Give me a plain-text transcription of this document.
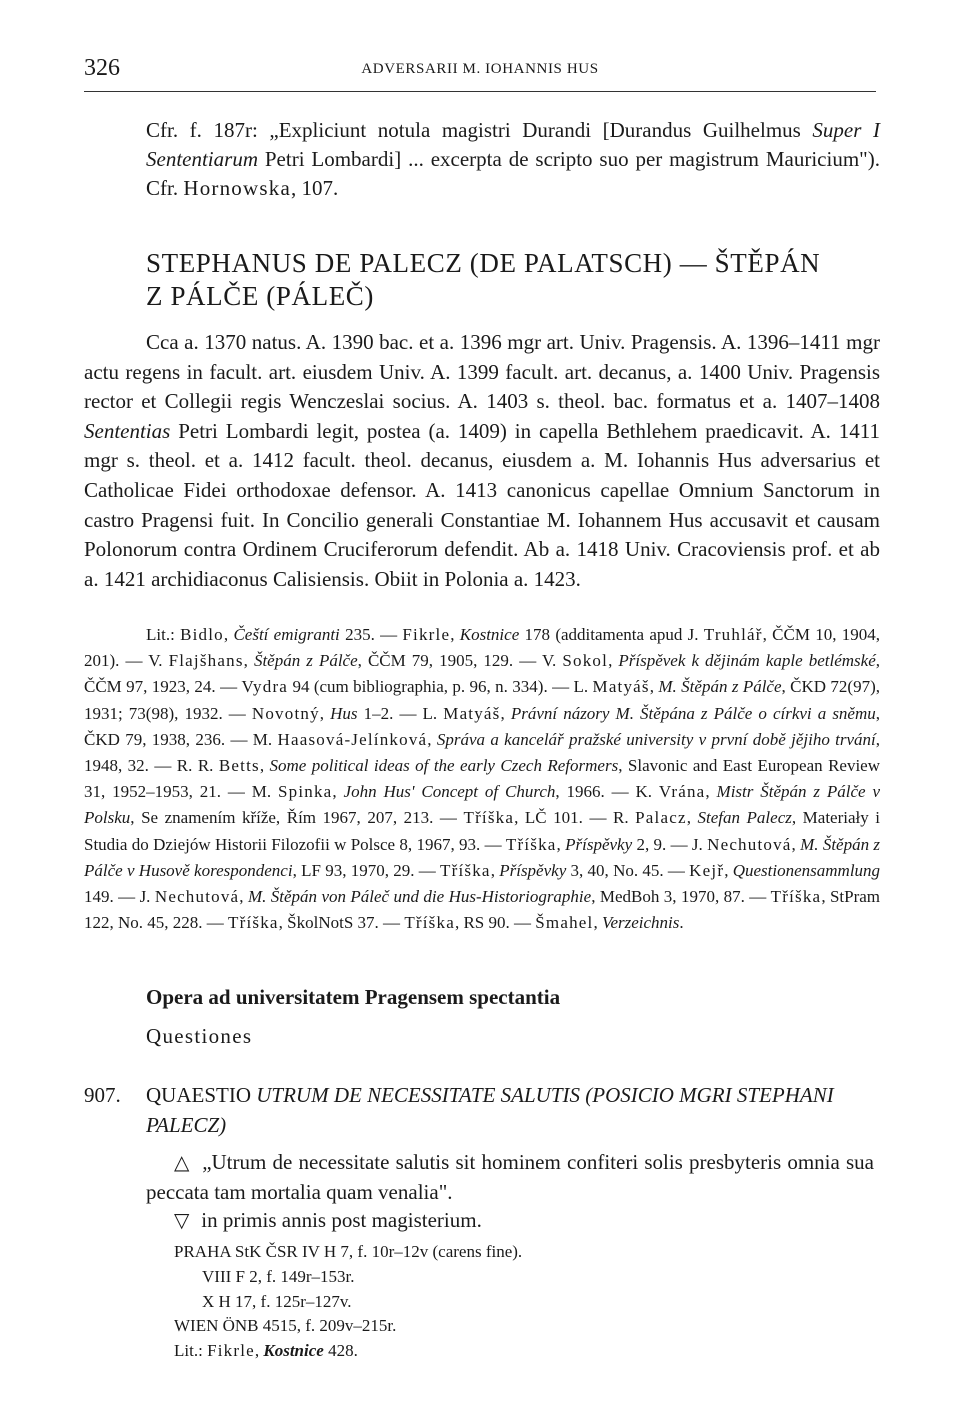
326	ADVERSARII M. IOHANNIS HUS
Cfr. f. 187r: „Expliciunt notula magistri Durandi [Durandus Guilhelmus Super I Sententiarum Petri Lombardi] ... excerpta de scripto suo per magistrum Mauricium"). Cfr. Hornowska, 107.
STEPHANUS DE PALECZ (DE PALATSCH) — ŠTĚPÁN
Z PÁLČE (PÁLEČ)
Cca a. 1370 natus. A. 1390 bac. et a. 1396 mgr art. Univ. Pragensis. A. 1396–1411 mgr actu regens in facult. art. eiusdem Univ. A. 1399 facult. art. decanus, a. 1400 Univ. Pragensis rector et Collegii regis Wenczeslai socius. A. 1403 s. theol. bac. formatus et a. 1407–1408 Sententias Petri Lombardi legit, postea (a. 1409) in capella Bethlehem praedicavit. A. 1411 mgr s. theol. et a. 1412 facult. theol. decanus, eiusdem a. M. Iohannis Hus adversarius et Catholicae Fidei orthodoxae defensor. A. 1413 canonicus capellae Omnium Sanctorum in castro Pragensi fuit. In Concilio generali Constantiae M. Iohannem Hus accusavit et causam Polonorum contra Ordinem Cruciferorum defendit. Ab a. 1418 Univ. Cracoviensis prof. et ab a. 1421 archidiaconus Calisiensis. Obiit in Polonia a. 1423.
Lit.: Bidlo, Čeští emigranti 235. — Fikrle, Kostnice 178 (additamenta apud J. Truhlář, ČČM 10, 1904, 201). — V. Flajšhans, Štěpán z Pálče, ČČM 79, 1905, 129. — V. Sokol, Příspěvek k dějinám kaple betlémské, ČČM 97, 1923, 24. — Vydra 94 (cum bibliographia, p. 96, n. 334). — L. Matyáš, M. Štěpán z Pálče, ČKD 72(97), 1931; 73(98), 1932. — Novotný, Hus 1–2. — L. Matyáš, Právní názory M. Štěpána z Pálče o církvi a sněmu, ČKD 79, 1938, 236. — M. Haasová-Jelínková, Správa a kancelář pražské university v první době jějiho trvání, 1948, 32. — R. R. Betts, Some political ideas of the early Czech Reformers, Slavonic and East European Review 31, 1952–1953, 21. — M. Spinka, John Hus' Concept of Church, 1966. — K. Vrána, Mistr Štěpán z Pálče v Polsku, Se znamením kříže, Řím 1967, 207, 213. — Tříška, LČ 101. — R. Palacz, Stefan Palecz, Materiały i Studia do Dziejów Historii Filozofii w Polsce 8, 1967, 93. — Tříška, Příspěvky 2, 9. — J. Nechutová, M. Štěpán z Pálče v Husově korespondenci, LF 93, 1970, 29. — Tříška, Příspěvky 3, 40, No. 45. — Kejř, Questionensammlung 149. — J. Nechutová, M. Štěpán von Páleč und die Hus-Historiographie, MedBoh 3, 1970, 87. — Tříška, StPram 122, No. 45, 228. — Tříška, ŠkolNotS 37. — Tříška, RS 90. — Šmahel, Verzeichnis.
Opera ad universitatem Pragensem spectantia
Questiones
907. QUAESTIO UTRUM DE NECESSITATE SALUTIS (POSICIO MGRI STEPHANI PALECZ)
△ „Utrum de necessitate salutis sit hominem confiteri solis presbyteris omnia sua peccata tam mortalia quam venalia".
▽ in primis annis post magisterium.
PRAHA StK ČSR IV H 7, f. 10r–12v (carens fine).
VIII F 2, f. 149r–153r.
X H 17, f. 125r–127v.
WIEN ÖNB 4515, f. 209v–215r.
Lit.: Fikrle, Kostnice 428.
